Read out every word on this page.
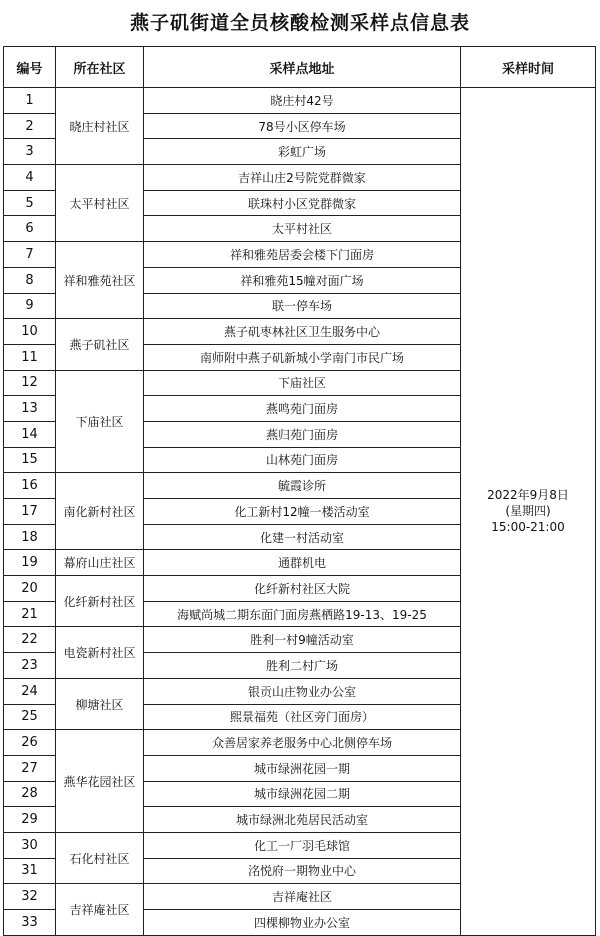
燕子矶街道全员核酸检测采样点信息表
编号	所在社区	采样点地址	采样时间
1	晓庄村社区	晓庄村42号	2022年9月8日
(星期四)
15:00-21:00

2		78号小区停车场	
3		彩虹广场	
4	太平村社区	吉祥山庄2号院党群微家	
5		联珠村小区党群微家	
6		太平村社区	
7	祥和雅苑社区	祥和雅苑居委会楼下门面房	
8		祥和雅苑15幢对面广场	
9		联一停车场	
10	燕子矶社区	燕子矶枣林社区卫生服务中心	
11		南师附中燕子矶新城小学南门市民广场	
12	下庙社区	下庙社区	
13		燕鸣苑门面房	
14		燕归苑门面房	
15		山林苑门面房	
16	南化新村社区	毓霞诊所	
17		化工新村12幢一楼活动室	
18		化建一村活动室	
19	幕府山庄社区	通群机电	
20	化纤新村社区	化纤新村社区大院	
21		海赋尚城二期东面门面房燕栖路19-13、19-25	
22	电瓷新村社区	胜利一村9幢活动室	
23		胜利二村广场	
24	柳塘社区	银贡山庄物业办公室	
25		熙景福苑（社区旁门面房）	
26	燕华花园社区	众善居家养老服务中心北侧停车场	
27		城市绿洲花园一期	
28		城市绿洲花园二期	
29		城市绿洲北苑居民活动室	
30	石化村社区	化工一厂羽毛球馆	
31		洺悦府一期物业中心	
32	吉祥庵社区	吉祥庵社区	
33		四棵柳物业办公室	
